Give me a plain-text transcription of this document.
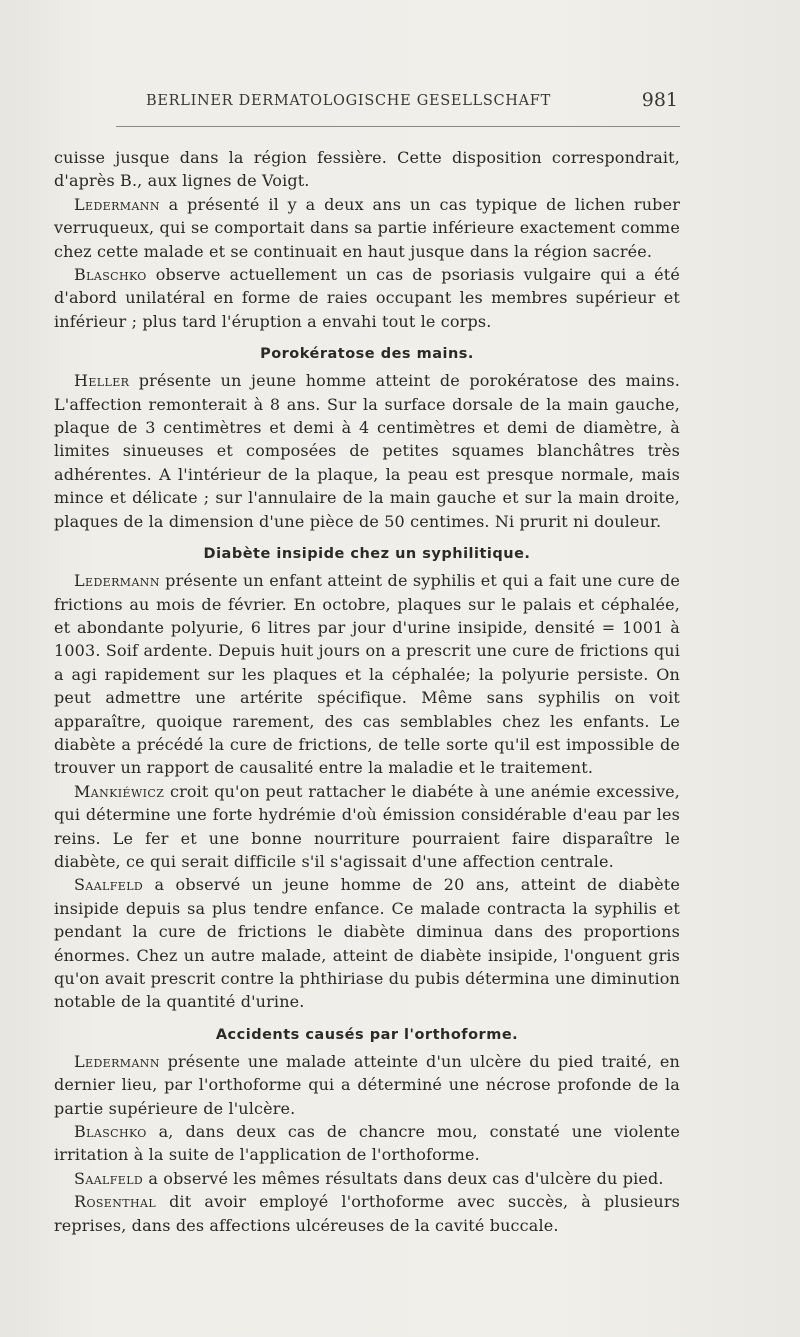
BERLINER DERMATOLOGISCHE GESELLSCHAFT	981

cuisse jusque dans la région fessière. Cette disposition correspondrait, d'après B., aux lignes de Voigt.

Ledermann a présenté il y a deux ans un cas typique de lichen ruber verruqueux, qui se comportait dans sa partie inférieure exactement comme chez cette malade et se continuait en haut jusque dans la région sacrée.

Blaschko observe actuellement un cas de psoriasis vulgaire qui a été d'abord unilatéral en forme de raies occupant les membres supérieur et inférieur ; plus tard l'éruption a envahi tout le corps.

Porokératose des mains.

Heller présente un jeune homme atteint de porokératose des mains. L'affection remonterait à 8 ans. Sur la surface dorsale de la main gauche, plaque de 3 centimètres et demi à 4 centimètres et demi de diamètre, à limites sinueuses et composées de petites squames blanchâtres très adhérentes. A l'intérieur de la plaque, la peau est presque normale, mais mince et délicate ; sur l'annulaire de la main gauche et sur la main droite, plaques de la dimension d'une pièce de 50 centimes. Ni prurit ni douleur.

Diabète insipide chez un syphilitique.

Ledermann présente un enfant atteint de syphilis et qui a fait une cure de frictions au mois de février. En octobre, plaques sur le palais et céphalée, et abondante polyurie, 6 litres par jour d'urine insipide, densité = 1001 à 1003. Soif ardente. Depuis huit jours on a prescrit une cure de frictions qui a agi rapidement sur les plaques et la céphalée; la polyurie persiste. On peut admettre une artérite spécifique. Même sans syphilis on voit apparaître, quoique rarement, des cas semblables chez les enfants. Le diabète a précédé la cure de frictions, de telle sorte qu'il est impossible de trouver un rapport de causalité entre la maladie et le traitement.

Mankiéwicz croit qu'on peut rattacher le diabéte à une anémie excessive, qui détermine une forte hydrémie d'où émission considérable d'eau par les reins. Le fer et une bonne nourriture pourraient faire disparaître le diabète, ce qui serait difficile s'il s'agissait d'une affection centrale.

Saalfeld a observé un jeune homme de 20 ans, atteint de diabète insipide depuis sa plus tendre enfance. Ce malade contracta la syphilis et pendant la cure de frictions le diabète diminua dans des proportions énormes. Chez un autre malade, atteint de diabète insipide, l'onguent gris qu'on avait prescrit contre la phthiriase du pubis détermina une diminution notable de la quantité d'urine.

Accidents causés par l'orthoforme.

Ledermann présente une malade atteinte d'un ulcère du pied traité, en dernier lieu, par l'orthoforme qui a déterminé une nécrose profonde de la partie supérieure de l'ulcère.

Blaschko a, dans deux cas de chancre mou, constaté une violente irritation à la suite de l'application de l'orthoforme.

Saalfeld a observé les mêmes résultats dans deux cas d'ulcère du pied.

Rosenthal dit avoir employé l'orthoforme avec succès, à plusieurs reprises, dans des affections ulcéreuses de la cavité buccale.
